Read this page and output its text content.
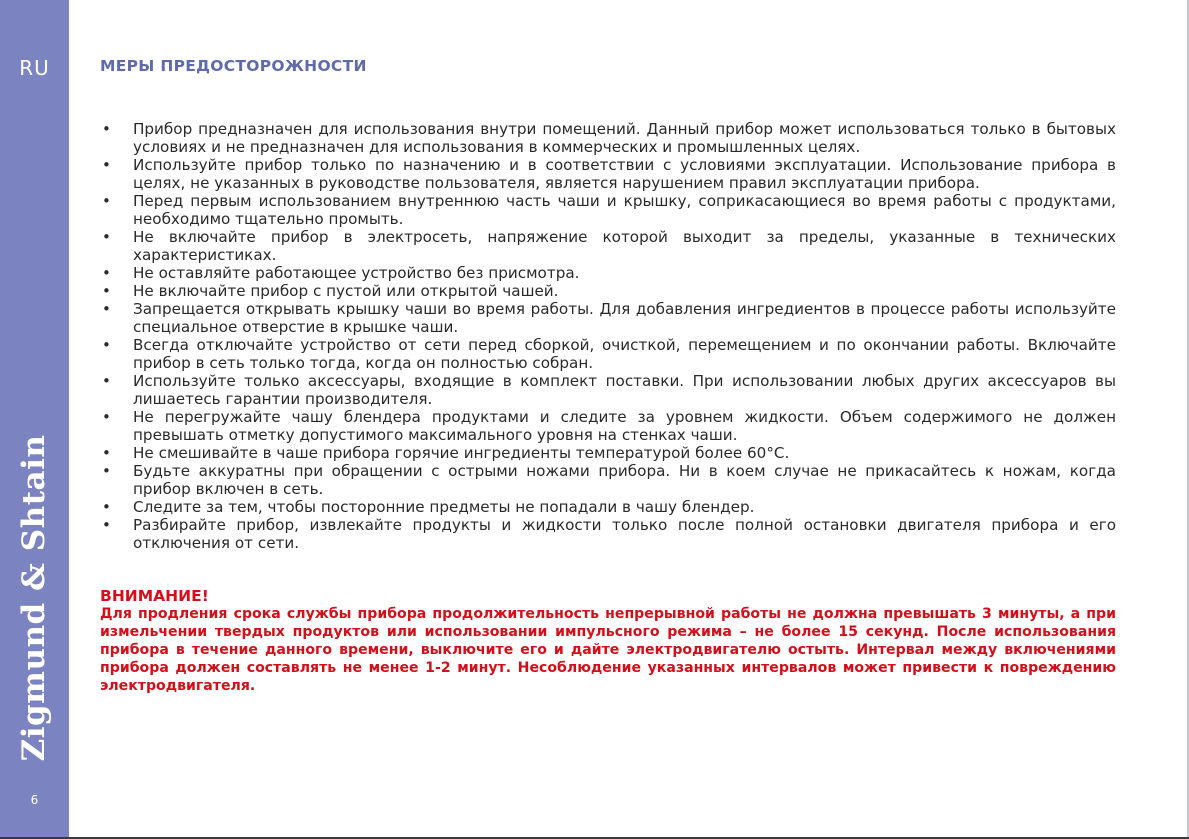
RU
Zigmund & Shtain
6
МЕРЫ ПРЕДОСТОРОЖНОСТИ
• Прибор предназначен для использования внутри помещений. Данный прибор может использоваться только в бытовых условиях и не предназначен для использования в коммерческих и промышленных целях.
• Используйте прибор только по назначению и в соответствии с условиями эксплуатации. Использование прибора в целях, не указанных в руководстве пользователя, является нарушением правил эксплуатации прибора.
• Перед первым использованием внутреннюю часть чаши и крышку, соприкасающиеся во время работы с продуктами, необходимо тщательно промыть.
• Не включайте прибор в электросеть, напряжение которой выходит за пределы, указанные в технических характеристиках.
• Не оставляйте работающее устройство без присмотра.
• Не включайте прибор с пустой или открытой чашей.
• Запрещается открывать крышку чаши во время работы. Для добавления ингредиентов в процессе работы используйте специальное отверстие в крышке чаши.
• Всегда отключайте устройство от сети перед сборкой, очисткой, перемещением и по окончании работы. Включайте прибор в сеть только тогда, когда он полностью собран.
• Используйте только аксессуары, входящие в комплект поставки. При использовании любых других аксессуаров вы лишаетесь гарантии производителя.
• Не перегружайте чашу блендера продуктами и следите за уровнем жидкости. Объем содержимого не должен превышать отметку допустимого максимального уровня на стенках чаши.
• Не смешивайте в чаше прибора горячие ингредиенты температурой более 60°С.
• Будьте аккуратны при обращении с острыми ножами прибора. Ни в коем случае не прикасайтесь к ножам, когда прибор включен в сеть.
• Следите за тем, чтобы посторонние предметы не попадали в чашу блендер.
• Разбирайте прибор, извлекайте продукты и жидкости только после полной остановки двигателя прибора и его отключения от сети.
ВНИМАНИЕ!

Для продления срока службы прибора продолжительность непрерывной работы не должна превышать 3 минуты, а при измельчении твердых продуктов или использовании импульсного режима – не более 15 секунд. После использования прибора в течение данного времени, выключите его и дайте электродвигателю остыть. Интервал между включениями прибора должен составлять не менее 1-2 минут. Несоблюдение указанных интервалов может привести к повреждению электродвигателя.
